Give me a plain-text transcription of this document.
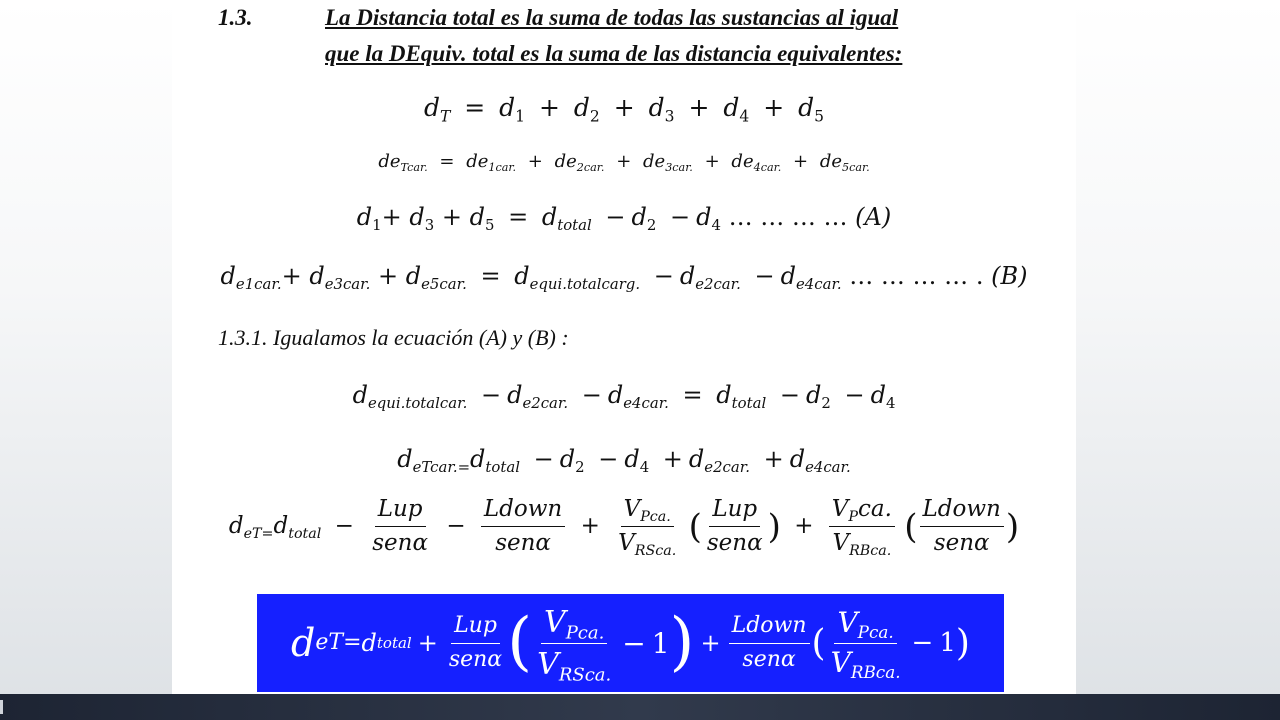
1.3.	La Distancia total es la suma de todas las sustancias al igual
que la DEquiv. total es la suma de las distancia equivalentes:
$d_T = d_1 + d_2 + d_3 + d_4 + d_5$
$de_{Tcar.} = de_{1car.} + de_{2car.} + de_{3car.} + de_{4car.} + de_{5car.}$
$d_1+ d_3 + d_5 = d_{total} - d_2 - d_4$ … … … … (A)
$d_{e1car.}+ d_{e3car.} + d_{e5car.} = d_{equi.totalcarg.} - d_{e2car.} - d_{e4car.}$ … … … … . (B)
1.3.1. Igualamos la ecuación (A) y (B) :
$d_{equi.totalcar.} - d_{e2car.} - d_{e4car.} = d_{total} - d_2 - d_4$
$d_{eTcar.=}d_{total} - d_2 - d_4 + d_{e2car.} + d_{e4car.}$
$d_{eT=}d_{total} - \frac{\text{Lup}}{\text{senα}} - \frac{\text{Ldown}}{\text{senα}} + \frac{V_{Pca.}}{V_{RSca.}}$ ( $\frac{\text{Lup}}{\text{senα}}$ ) + $\frac{V_Pca.}{V_{RBca.}}$ ( $\frac{\text{Ldown}}{\text{senα}}$ )
d eT= d total + $\frac{\text{Lup}}{\text{senα}}$ ( $\frac{V_{Pca.}}{V_{RSca.}} - 1$ ) + $\frac{\text{Ldown}}{\text{senα}}$ ( $\frac{V_{Pca.}}{V_{RBca.}} - 1$ )
